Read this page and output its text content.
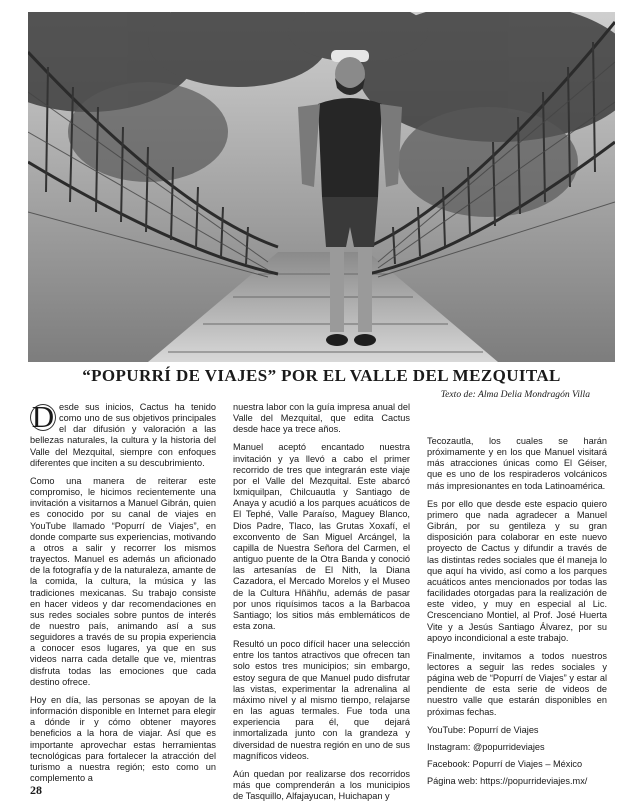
“POPURRÍ DE VIAJES” POR EL VALLE DEL MEZQUITAL
Texto de: Alma Delia Mondragón Villa

D esde sus inicios, Cactus ha tenido como uno de sus objetivos principales el dar difusión y valoración a las bellezas naturales, la cultura y la historia del Valle del Mezquital, siempre con enfoques diferentes que inciten a su descubrimiento.

Como una manera de reiterar este compromiso, le hicimos recientemente una invitación a visitarnos a Manuel Gibrán, quien es conocido por su canal de viajes en YouTube llamado “Popurrí de Viajes”, en donde comparte sus experiencias, motivando a otros a salir y recorrer los mismos trayectos. Manuel es además un aficionado de la fotografía y de la naturaleza, amante de la comida, la cultura, la música y las tradiciones mexicanas. Su trabajo consiste en hacer videos y dar recomendaciones en sus redes sociales sobre puntos de interés de nuestro país, animando así a sus seguidores a través de su propia experiencia a conocer esos lugares, ya que en sus videos narra cada detalle que ve, mientras disfruta todas las emociones que cada destino ofrece.

Hoy en día, las personas se apoyan de la información disponible en Internet para elegir a dónde ir y cómo obtener mayores beneficios a la hora de viajar. Así que es importante aprovechar estas herramientas tecnológicas para fortalecer la atracción del turismo a nuestra región; esto como un complemento a

nuestra labor con la guía impresa anual del Valle del Mezquital, que edita Cactus desde hace ya trece años.

Manuel aceptó encantado nuestra invitación y ya llevó a cabo el primer recorrido de tres que integrarán este viaje por el Valle del Mezquital. Este abarcó Ixmiquilpan, Chilcuautla y Santiago de Anaya y acudió a los parques acuáticos de El Tephé, Valle Paraíso, Maguey Blanco, Dios Padre, Tlaco, las Grutas Xoxafí, el exconvento de San Miguel Arcángel, la capilla de Nuestra Señora del Carmen, el antiguo puente de la Otra Banda y conoció las artesanías de El Nith, la Diana Cazadora, el Mercado Morelos y el Museo de la Cultura Hñähñu, además de pasar por unos riquísimos tacos a la Barbacoa Santiago; los sitios más emblemáticos de esta zona.

Resultó un poco difícil hacer una selección entre los tantos atractivos que ofrecen tan solo estos tres municipios; sin embargo, estoy segura de que Manuel pudo disfrutar las vistas, experimentar la adrenalina al máximo nivel y al mismo tiempo, relajarse en las aguas termales. Fue toda una experiencia para él, que dejará inmortalizada junto con la grandeza y diversidad de nuestra región en uno de sus magníficos videos.

Aún quedan por realizarse dos recorridos más que comprenderán a los municipios de Tasquillo, Alfajayucan, Huichapan y

Tecozautla, los cuales se harán próximamente y en los que Manuel visitará más atracciones únicas como El Géiser, que es uno de los respiraderos volcánicos más impresionantes en toda Latinoamérica.

Es por ello que desde este espacio quiero primero que nada agradecer a Manuel Gibrán, por su gentileza y su gran disposición para colaborar en este nuevo proyecto de Cactus y difundir a través de las distintas redes sociales que él maneja lo que aquí ha vivido, así como a los parques acuáticos antes mencionados por todas las facilidades otorgadas para la realización de este video, y muy en especial al Lic. Crescenciano Montiel, al Prof. José Huerta Vite y a Jesús Santiago Álvarez, por su apoyo incondicional a este trabajo.

Finalmente, invitamos a todos nuestros lectores a seguir las redes sociales y página web de “Popurrí de Viajes” y estar al pendiente de esta serie de videos de nuestro valle que estarán disponibles en próximas fechas.

YouTube: Popurrí de Viajes

Instagram: @popurrideviajes

Facebook: Popurrí de Viajes – México

Página web: https://popurrideviajes.mx/

28
